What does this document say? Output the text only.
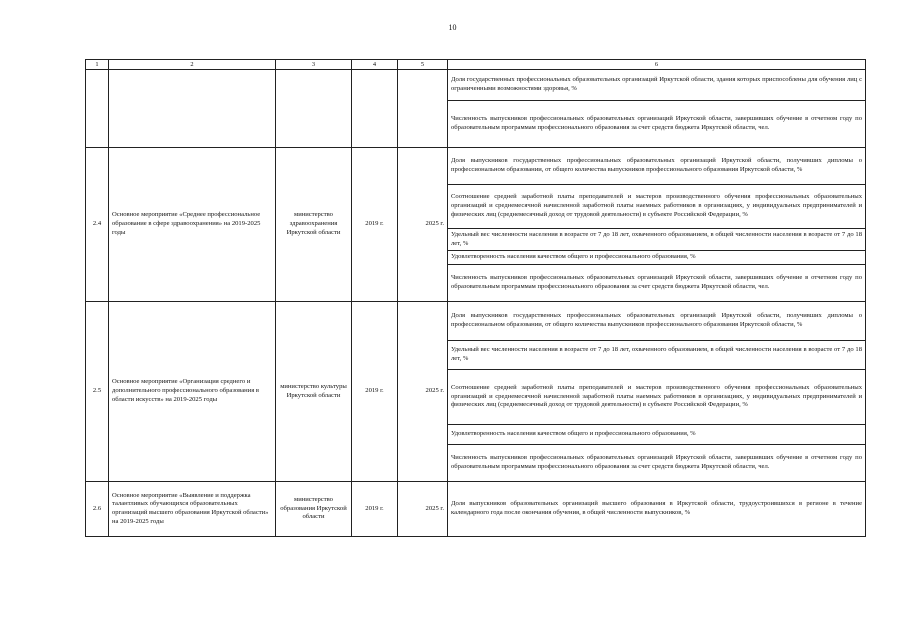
10
1	2	3	4	5	6
					Доля государственных профессиональных образовательных организаций Иркутской области, здания которых приспособлены для обучения лиц с ограниченными возможностями здоровья, %
					Численность выпускников профессиональных образовательных организаций Иркутской области, завершивших обучение в отчетном году по образовательным программам профессионального образования за счет средств бюджета Иркутской области, чел.
2.4	Основное мероприятие «Среднее профессиональное образование в сфере здравоохранения» на 2019-2025 годы	министерство здравоохранения Иркутской области	2019 г.	2025 г.	Доля выпускников государственных профессиональных образовательных организаций Иркутской области, получивших дипломы о профессиональном образовании, от общего количества выпускников профессионального образования Иркутской области, %
					Соотношение средней заработной платы преподавателей и мастеров производственного обучения профессиональных образовательных организаций и среднемесячной начисленной заработной платы наемных работников в организациях, у индивидуальных предпринимателей и физических лиц (среднемесячный доход от трудовой деятельности) в субъекте Российской Федерации, %
					Удельный вес численности населения в возрасте от 7 до 18 лет, охваченного образованием, в общей численности населения в возрасте от 7 до 18 лет, %
					Удовлетворенность населения качеством общего и профессионального образования, %
					Численность выпускников профессиональных образовательных организаций Иркутской области, завершивших обучение в отчетном году по образовательным программам профессионального образования за счет средств бюджета Иркутской области, чел.
2.5	Основное мероприятие «Организация среднего и дополнительного профессионального образования в области искусств» на 2019-2025 годы	министерство культуры Иркутской области	2019 г.	2025 г.	Доля выпускников государственных профессиональных образовательных организаций Иркутской области, получивших дипломы о профессиональном образовании, от общего количества выпускников профессионального образования Иркутской области, %
					Удельный вес численности населения в возрасте от 7 до 18 лет, охваченного образованием, в общей численности населения в возрасте от 7 до 18 лет, %
					Соотношение средней заработной платы преподавателей и мастеров производственного обучения профессиональных образовательных организаций и среднемесячной начисленной заработной платы наемных работников в организациях, у индивидуальных предпринимателей и физических лиц (среднемесячный доход от трудовой деятельности) в субъекте Российской Федерации, %
					Удовлетворенность населения качеством общего и профессионального образования, %
					Численность выпускников профессиональных образовательных организаций Иркутской области, завершивших обучение в отчетном году по образовательным программам профессионального образования за счет средств бюджета Иркутской области, чел.
2.6	Основное мероприятие «Выявление и поддержка талантливых обучающихся образовательных организаций высшего образования Иркутской области» на 2019-2025 годы	министерство образования Иркутской области	2019 г.	2025 г.	Доля выпускников образовательных организаций высшего образования в Иркутской области, трудоустроившихся в регионе в течение календарного года после окончания обучения, в общей численности выпускников, %
